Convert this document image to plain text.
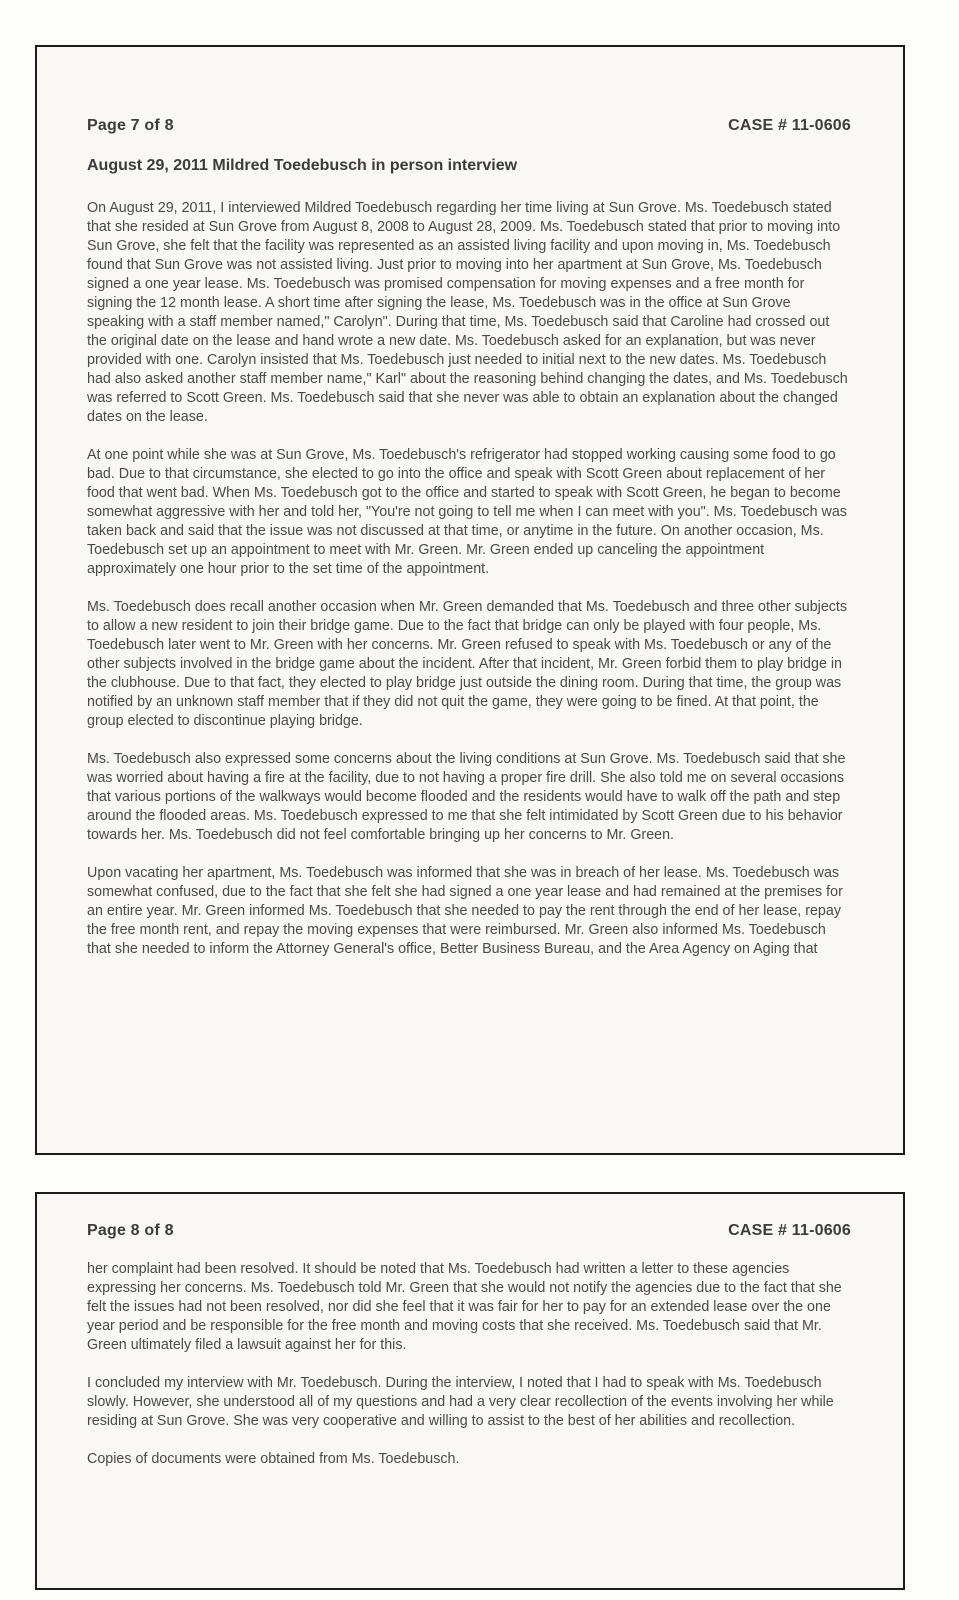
Page 7 of 8	CASE # 11-0606
August 29, 2011 Mildred Toedebusch in person interview

On August 29, 2011, I interviewed Mildred Toedebusch regarding her time living at Sun Grove. Ms. Toedebusch stated that she resided at Sun Grove from August 8, 2008 to August 28, 2009. Ms. Toedebusch stated that prior to moving into Sun Grove, she felt that the facility was represented as an assisted living facility and upon moving in, Ms. Toedebusch found that Sun Grove was not assisted living. Just prior to moving into her apartment at Sun Grove, Ms. Toedebusch signed a one year lease. Ms. Toedebusch was promised compensation for moving expenses and a free month for signing the 12 month lease. A short time after signing the lease, Ms. Toedebusch was in the office at Sun Grove speaking with a staff member named," Carolyn". During that time, Ms. Toedebusch said that Caroline had crossed out the original date on the lease and hand wrote a new date. Ms. Toedebusch asked for an explanation, but was never provided with one. Carolyn insisted that Ms. Toedebusch just needed to initial next to the new dates. Ms. Toedebusch had also asked another staff member name," Karl" about the reasoning behind changing the dates, and Ms. Toedebusch was referred to Scott Green. Ms. Toedebusch said that she never was able to obtain an explanation about the changed dates on the lease.

At one point while she was at Sun Grove, Ms. Toedebusch's refrigerator had stopped working causing some food to go bad. Due to that circumstance, she elected to go into the office and speak with Scott Green about replacement of her food that went bad. When Ms. Toedebusch got to the office and started to speak with Scott Green, he began to become somewhat aggressive with her and told her, "You're not going to tell me when I can meet with you". Ms. Toedebusch was taken back and said that the issue was not discussed at that time, or anytime in the future. On another occasion, Ms. Toedebusch set up an appointment to meet with Mr. Green. Mr. Green ended up canceling the appointment approximately one hour prior to the set time of the appointment.

Ms. Toedebusch does recall another occasion when Mr. Green demanded that Ms. Toedebusch and three other subjects to allow a new resident to join their bridge game. Due to the fact that bridge can only be played with four people, Ms. Toedebusch later went to Mr. Green with her concerns. Mr. Green refused to speak with Ms. Toedebusch or any of the other subjects involved in the bridge game about the incident. After that incident, Mr. Green forbid them to play bridge in the clubhouse. Due to that fact, they elected to play bridge just outside the dining room. During that time, the group was notified by an unknown staff member that if they did not quit the game, they were going to be fined. At that point, the group elected to discontinue playing bridge.

Ms. Toedebusch also expressed some concerns about the living conditions at Sun Grove. Ms. Toedebusch said that she was worried about having a fire at the facility, due to not having a proper fire drill. She also told me on several occasions that various portions of the walkways would become flooded and the residents would have to walk off the path and step around the flooded areas. Ms. Toedebusch expressed to me that she felt intimidated by Scott Green due to his behavior towards her. Ms. Toedebusch did not feel comfortable bringing up her concerns to Mr. Green.

Upon vacating her apartment, Ms. Toedebusch was informed that she was in breach of her lease. Ms. Toedebusch was somewhat confused, due to the fact that she felt she had signed a one year lease and had remained at the premises for an entire year. Mr. Green informed Ms. Toedebusch that she needed to pay the rent through the end of her lease, repay the free month rent, and repay the moving expenses that were reimbursed. Mr. Green also informed Ms. Toedebusch that she needed to inform the Attorney General's office, Better Business Bureau, and the Area Agency on Aging that

Page 8 of 8	CASE # 11-0606

her complaint had been resolved. It should be noted that Ms. Toedebusch had written a letter to these agencies expressing her concerns. Ms. Toedebusch told Mr. Green that she would not notify the agencies due to the fact that she felt the issues had not been resolved, nor did she feel that it was fair for her to pay for an extended lease over the one year period and be responsible for the free month and moving costs that she received. Ms. Toedebusch said that Mr. Green ultimately filed a lawsuit against her for this.

I concluded my interview with Mr. Toedebusch. During the interview, I noted that I had to speak with Ms. Toedebusch slowly. However, she understood all of my questions and had a very clear recollection of the events involving her while residing at Sun Grove. She was very cooperative and willing to assist to the best of her abilities and recollection.

Copies of documents were obtained from Ms. Toedebusch.
